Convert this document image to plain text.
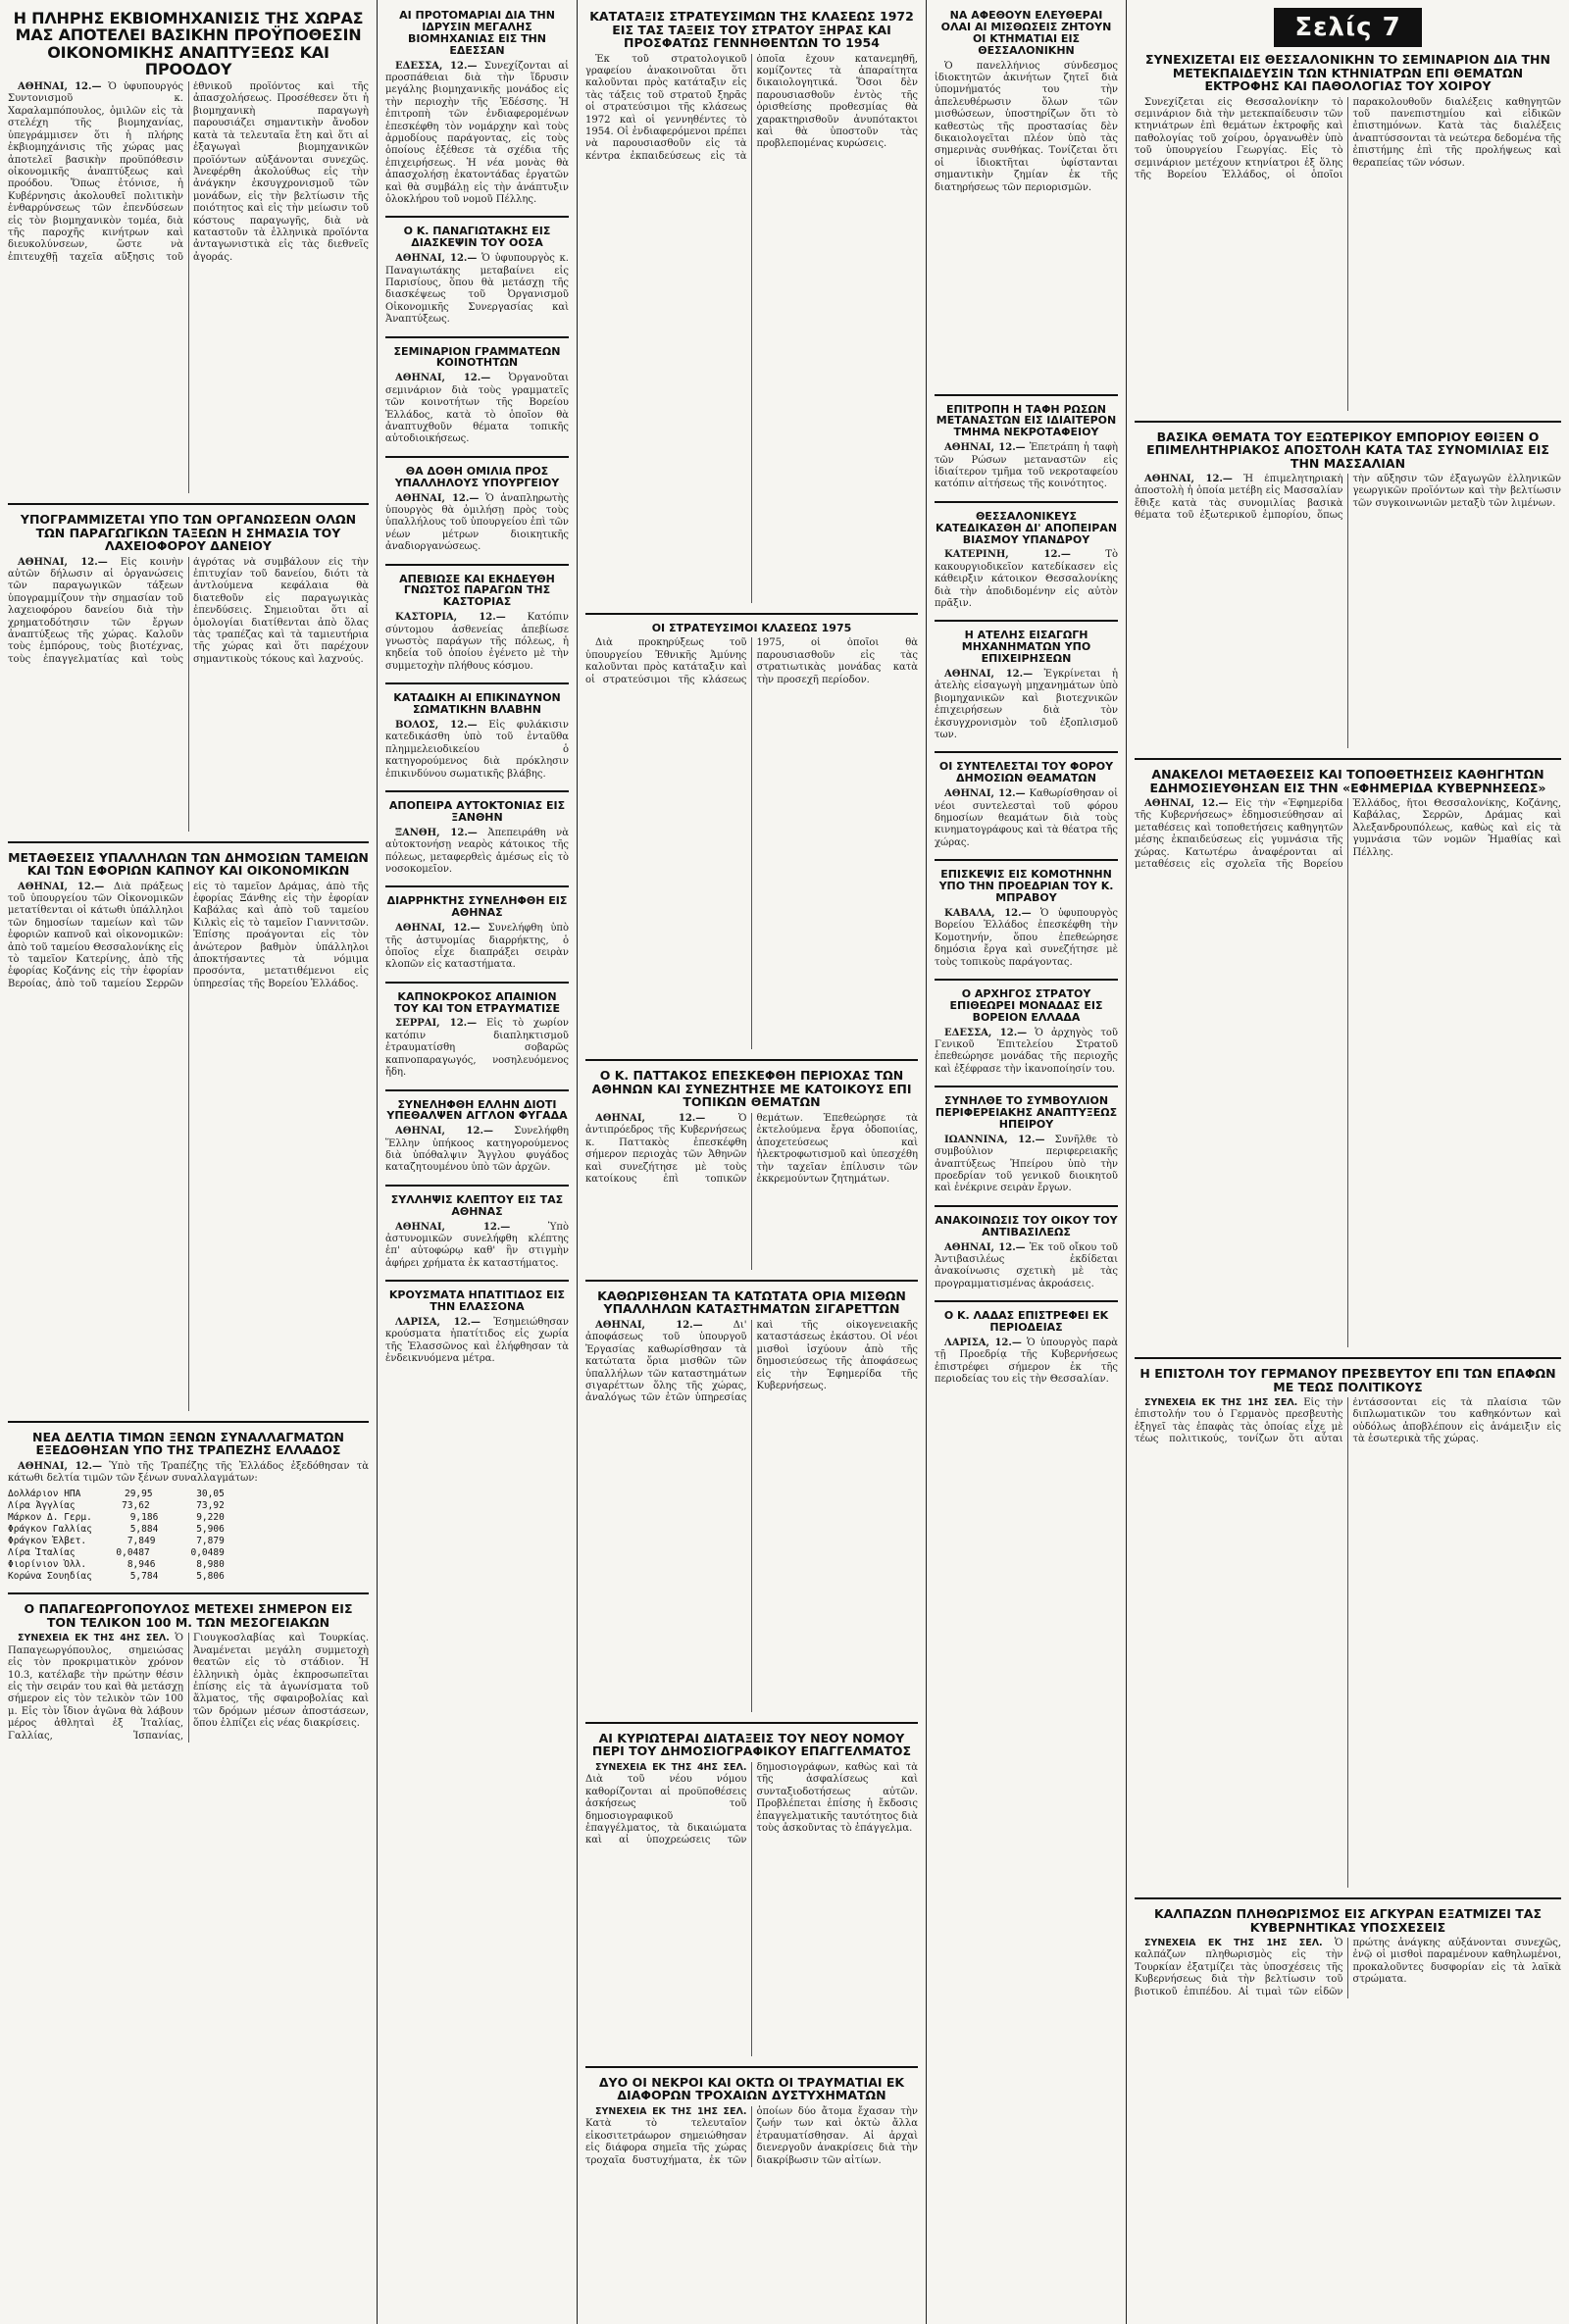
Η ΠΛΗΡΗΣ ΕΚΒΙΟΜΗΧΑΝΙΣΙΣ ΤΗΣ ΧΩΡΑΣ ΜΑΣ ΑΠΟΤΕΛΕΙ ΒΑΣΙΚΗΝ ΠΡΟΫΠΟΘΕΣΙΝ ΟΙΚΟΝΟΜΙΚΗΣ ΑΝΑΠΤΥΞΕΩΣ ΚΑΙ ΠΡΟΟΔΟΥ

ΑΘΗΝΑΙ, 12.— Ὁ ὑφυπουργός Συντονισμοῦ κ. Χαραλαμπόπουλος, ὁμιλῶν εἰς τὰ στελέχη τῆς βιομηχανίας, ὑπεγράμμισεν ὅτι ἡ πλήρης ἐκβιομηχάνισις τῆς χώρας μας ἀποτελεῖ βασικὴν προϋπόθεσιν οἰκονομικῆς ἀναπτύξεως καὶ προόδου. Ὅπως ἐτόνισε, ἡ Κυβέρνησις ἀκολουθεῖ πολιτικὴν ἐνθαρρύνσεως τῶν ἐπενδύσεων εἰς τὸν βιομηχανικὸν τομέα, διὰ τῆς παροχῆς κινήτρων καὶ διευκολύνσεων, ὥστε νὰ ἐπιτευχθῇ ταχεῖα αὔξησις τοῦ ἐθνικοῦ προϊόντος καὶ τῆς ἀπασχολήσεως. Προσέθεσεν ὅτι ἡ βιομηχανικὴ παραγωγὴ παρουσιάζει σημαντικὴν ἄνοδον κατὰ τὰ τελευταῖα ἔτη καὶ ὅτι αἱ ἐξαγωγαὶ βιομηχανικῶν προϊόντων αὐξάνονται συνεχῶς. Ἀνεφέρθη ἀκολούθως εἰς τὴν ἀνάγκην ἐκσυγχρονισμοῦ τῶν μονάδων, εἰς τὴν βελτίωσιν τῆς ποιότητος καὶ εἰς τὴν μείωσιν τοῦ κόστους παραγωγῆς, διὰ νὰ καταστοῦν τὰ ἑλληνικὰ προϊόντα ἀνταγωνιστικὰ εἰς τὰς διεθνεῖς ἀγοράς.

ΥΠΟΓΡΑΜΜΙΖΕΤΑΙ ΥΠΟ ΤΩΝ ΟΡΓΑΝΩΣΕΩΝ ΟΛΩΝ ΤΩΝ ΠΑΡΑΓΩΓΙΚΩΝ ΤΑΞΕΩΝ Η ΣΗΜΑΣΙΑ ΤΟΥ ΛΑΧΕΙΟΦΟΡΟΥ ΔΑΝΕΙΟΥ

ΑΘΗΝΑΙ, 12.— Εἰς κοινὴν αὐτῶν δήλωσιν αἱ ὀργανώσεις τῶν παραγωγικῶν τάξεων ὑπογραμμίζουν τὴν σημασίαν τοῦ λαχειοφόρου δανείου διὰ τὴν χρηματοδότησιν τῶν ἔργων ἀναπτύξεως τῆς χώρας. Καλοῦν τοὺς ἐμπόρους, τοὺς βιοτέχνας, τοὺς ἐπαγγελματίας καὶ τοὺς ἀγρότας νὰ συμβάλουν εἰς τὴν ἐπιτυχίαν τοῦ δανείου, διότι τὰ ἀντλούμενα κεφάλαια θὰ διατεθοῦν εἰς παραγωγικὰς ἐπενδύσεις. Σημειοῦται ὅτι αἱ ὁμολογίαι διατίθενται ἀπὸ ὅλας τὰς τραπέζας καὶ τὰ ταμιευτήρια τῆς χώρας καὶ ὅτι παρέχουν σημαντικοὺς τόκους καὶ λαχνούς.

ΜΕΤΑΘΕΣΕΙΣ ΥΠΑΛΛΗΛΩΝ ΤΩΝ ΔΗΜΟΣΙΩΝ ΤΑΜΕΙΩΝ ΚΑΙ ΤΩΝ ΕΦΟΡΙΩΝ ΚΑΠΝΟΥ ΚΑΙ ΟΙΚΟΝΟΜΙΚΩΝ

ΑΘΗΝΑΙ, 12.— Διὰ πράξεως τοῦ ὑπουργείου τῶν Οἰκονομικῶν μετατίθενται οἱ κάτωθι ὑπάλληλοι τῶν δημοσίων ταμείων καὶ τῶν ἐφοριῶν καπνοῦ καὶ οἰκονομικῶν: ἀπὸ τοῦ ταμείου Θεσσαλονίκης εἰς τὸ ταμεῖον Κατερίνης, ἀπὸ τῆς ἐφορίας Κοζάνης εἰς τὴν ἐφορίαν Βεροίας, ἀπὸ τοῦ ταμείου Σερρῶν εἰς τὸ ταμεῖον Δράμας, ἀπὸ τῆς ἐφορίας Ξάνθης εἰς τὴν ἐφορίαν Καβάλας καὶ ἀπὸ τοῦ ταμείου Κιλκὶς εἰς τὸ ταμεῖον Γιαννιτσῶν. Ἐπίσης προάγονται εἰς τὸν ἀνώτερον βαθμὸν ὑπάλληλοι ἀποκτήσαντες τὰ νόμιμα προσόντα, μετατιθέμενοι εἰς ὑπηρεσίας τῆς Βορείου Ἑλλάδος.

ΝΕΑ ΔΕΛΤΙΑ ΤΙΜΩΝ ΞΕΝΩΝ ΣΥΝΑΛΛΑΓΜΑΤΩΝ ΕΞΕΔΟΘΗΣΑΝ ΥΠΟ ΤΗΣ ΤΡΑΠΕΖΗΣ ΕΛΛΑΔΟΣ

ΑΘΗΝΑΙ, 12.— Ὑπὸ τῆς Τραπέζης τῆς Ἑλλάδος ἐξεδόθησαν τὰ κάτωθι δελτία τιμῶν τῶν ξένων συναλλαγμάτων:

Δολλάριον ΗΠΑ	29,95	30,05
Λίρα Ἀγγλίας	73,62	73,92
Μάρκον Δ. Γερμ.	9,186	9,220
Φράγκον Γαλλίας	5,884	5,906
Φράγκον Ἑλβετ.	7,849	7,879
Λίρα Ἰταλίας	0,0487	0,0489
Φιορίνιον Ὁλλ.	8,946	8,980
Κορώνα Σουηδίας	5,784	5,806
Ο ΠΑΠΑΓΕΩΡΓΟΠΟΥΛΟΣ ΜΕΤΕΧΕΙ ΣΗΜΕΡΟΝ ΕΙΣ ΤΟΝ ΤΕΛΙΚΟΝ 100 Μ. ΤΩΝ ΜΕΣΟΓΕΙΑΚΩΝ

ΣΥΝΕΧΕΙΑ ΕΚ ΤΗΣ 4ΗΣ ΣΕΛ. Ὁ Παπαγεωργόπουλος, σημειώσας εἰς τὸν προκριματικὸν χρόνον 10.3, κατέλαβε τὴν πρώτην θέσιν εἰς τὴν σειράν του καὶ θὰ μετάσχῃ σήμερον εἰς τὸν τελικὸν τῶν 100 μ. Εἰς τὸν ἴδιον ἀγῶνα θὰ λάβουν μέρος ἀθληταὶ ἐξ Ἰταλίας, Γαλλίας, Ἱσπανίας, Γιουγκοσλαβίας καὶ Τουρκίας. Ἀναμένεται μεγάλη συμμετοχὴ θεατῶν εἰς τὸ στάδιον. Ἡ ἑλληνικὴ ὁμὰς ἐκπροσωπεῖται ἐπίσης εἰς τὰ ἀγωνίσματα τοῦ ἅλματος, τῆς σφαιροβολίας καὶ τῶν δρόμων μέσων ἀποστάσεων, ὅπου ἐλπίζει εἰς νέας διακρίσεις.

ΑΙ ΠΡΟΤΟΜΑΡΙΑΙ ΔΙΑ ΤΗΝ ΙΔΡΥΣΙΝ ΜΕΓΑΛΗΣ ΒΙΟΜΗΧΑΝΙΑΣ ΕΙΣ ΤΗΝ ΕΔΕΣΣΑΝ

ΕΔΕΣΣΑ, 12.— Συνεχίζονται αἱ προσπάθειαι διὰ τὴν ἵδρυσιν μεγάλης βιομηχανικῆς μονάδος εἰς τὴν περιοχὴν τῆς Ἐδέσσης. Ἡ ἐπιτροπὴ τῶν ἐνδιαφερομένων ἐπεσκέφθη τὸν νομάρχην καὶ τοὺς ἁρμοδίους παράγοντας, εἰς τοὺς ὁποίους ἐξέθεσε τὰ σχέδια τῆς ἐπιχειρήσεως. Ἡ νέα μονὰς θὰ ἀπασχολήσῃ ἑκατοντάδας ἐργατῶν καὶ θὰ συμβάλῃ εἰς τὴν ἀνάπτυξιν ὁλοκλήρου τοῦ νομοῦ Πέλλης.

Ο Κ. ΠΑΝΑΓΙΩΤΑΚΗΣ ΕΙΣ ΔΙΑΣΚΕΨΙΝ ΤΟΥ ΟΟΣΑ

ΑΘΗΝΑΙ, 12.— Ὁ ὑφυπουργὸς κ. Παναγιωτάκης μεταβαίνει εἰς Παρισίους, ὅπου θὰ μετάσχῃ τῆς διασκέψεως τοῦ Ὀργανισμοῦ Οἰκονομικῆς Συνεργασίας καὶ Ἀναπτύξεως.

ΣΕΜΙΝΑΡΙΟΝ ΓΡΑΜΜΑΤΕΩΝ ΚΟΙΝΟΤΗΤΩΝ

ΑΘΗΝΑΙ, 12.— Ὀργανοῦται σεμινάριον διὰ τοὺς γραμματεῖς τῶν κοινοτήτων τῆς Βορείου Ἑλλάδος, κατὰ τὸ ὁποῖον θὰ ἀναπτυχθοῦν θέματα τοπικῆς αὐτοδιοικήσεως.

ΘΑ ΔΟΘΗ ΟΜΙΛΙΑ ΠΡΟΣ ΥΠΑΛΛΗΛΟΥΣ ΥΠΟΥΡΓΕΙΟΥ

ΑΘΗΝΑΙ, 12.— Ὁ ἀναπληρωτὴς ὑπουργὸς θὰ ὁμιλήσῃ πρὸς τοὺς ὑπαλλήλους τοῦ ὑπουργείου ἐπὶ τῶν νέων μέτρων διοικητικῆς ἀναδιοργανώσεως.

ΑΠΕΒΙΩΣΕ ΚΑΙ ΕΚΗΔΕΥΘΗ ΓΝΩΣΤΟΣ ΠΑΡΑΓΩΝ ΤΗΣ ΚΑΣΤΟΡΙΑΣ

ΚΑΣΤΟΡΙΑ, 12.— Κατόπιν σύντομου ἀσθενείας ἀπεβίωσε γνωστὸς παράγων τῆς πόλεως, ἡ κηδεία τοῦ ὁποίου ἐγένετο μὲ τὴν συμμετοχὴν πλήθους κόσμου.

ΚΑΤΑΔΙΚΗ ΑΙ ΕΠΙΚΙΝΔΥΝΟΝ ΣΩΜΑΤΙΚΗΝ ΒΛΑΒΗΝ

ΒΟΛΟΣ, 12.— Εἰς φυλάκισιν κατεδικάσθη ὑπὸ τοῦ ἐνταῦθα πλημμελειοδικείου ὁ κατηγορούμενος διὰ πρόκλησιν ἐπικινδύνου σωματικῆς βλάβης.

ΑΠΟΠΕΙΡΑ ΑΥΤΟΚΤΟΝΙΑΣ ΕΙΣ ΞΑΝΘΗΝ

ΞΑΝΘΗ, 12.— Ἀπεπειράθη νὰ αὐτοκτονήσῃ νεαρὸς κάτοικος τῆς πόλεως, μεταφερθεὶς ἀμέσως εἰς τὸ νοσοκομεῖον.

ΔΙΑΡΡΗΚΤΗΣ ΣΥΝΕΛΗΦΘΗ ΕΙΣ ΑΘΗΝΑΣ

ΑΘΗΝΑΙ, 12.— Συνελήφθη ὑπὸ τῆς ἀστυνομίας διαρρήκτης, ὁ ὁποῖος εἶχε διαπράξει σειρὰν κλοπῶν εἰς καταστήματα.

ΚΑΠΝΟΚΡΟΚΟΣ ΑΠΑΙΝΙΟΝ ΤΟΥ ΚΑΙ ΤΟΝ ΕΤΡΑΥΜΑΤΙΣΕ

ΣΕΡΡΑΙ, 12.— Εἰς τὸ χωρίον κατόπιν διαπληκτισμοῦ ἐτραυματίσθη σοβαρῶς καπνοπαραγωγός, νοσηλευόμενος ἤδη.

ΣΥΝΕΛΗΦΘΗ ΕΛΛΗΝ ΔΙΟΤΙ ΥΠΕΘΑΛΨΕΝ ΑΓΓΛΟΝ ΦΥΓΑΔΑ

ΑΘΗΝΑΙ, 12.— Συνελήφθη Ἕλλην ὑπήκοος κατηγορούμενος διὰ ὑπόθαλψιν Ἄγγλου φυγάδος καταζητουμένου ὑπὸ τῶν ἀρχῶν.

ΣΥΛΛΗΨΙΣ ΚΛΕΠΤΟΥ ΕΙΣ ΤΑΣ ΑΘΗΝΑΣ

ΑΘΗΝΑΙ, 12.—	Ὑπὸ ἀστυνομικῶν συνελήφθη κλέπτης ἐπ' αὐτοφώρῳ καθ' ἣν στιγμὴν ἀφήρει χρήματα ἐκ καταστήματος.

ΚΡΟΥΣΜΑΤΑ ΗΠΑΤΙΤΙΔΟΣ ΕΙΣ ΤΗΝ ΕΛΑΣΣΟΝΑ

ΛΑΡΙΣΑ, 12.— Ἐσημειώθησαν κρούσματα ἡπατίτιδος εἰς χωρία τῆς Ἐλασσῶνος καὶ ἐλήφθησαν τὰ ἐνδεικνυόμενα μέτρα.

ΚΑΤΑΤΑΞΙΣ ΣΤΡΑΤΕΥΣΙΜΩΝ ΤΗΣ ΚΛΑΣΕΩΣ 1972 ΕΙΣ ΤΑΣ ΤΑΞΕΙΣ ΤΟΥ ΣΤΡΑΤΟΥ ΞΗΡΑΣ ΚΑΙ ΠΡΟΣΦΑΤΩΣ ΓΕΝΝΗΘΕΝΤΩΝ ΤΟ 1954

Ἐκ τοῦ στρατολογικοῦ γραφείου ἀνακοινοῦται ὅτι καλοῦνται πρὸς κατάταξιν εἰς τὰς τάξεις τοῦ στρατοῦ ξηρᾶς οἱ στρατεύσιμοι τῆς κλάσεως 1972 καὶ οἱ γεννηθέντες τὸ 1954. Οἱ ἐνδιαφερόμενοι πρέπει νὰ παρουσιασθοῦν εἰς τὰ κέντρα ἐκπαιδεύσεως εἰς τὰ ὁποῖα ἔχουν κατανεμηθῆ, κομίζοντες τὰ ἀπαραίτητα δικαιολογητικά. Ὅσοι δὲν παρουσιασθοῦν ἐντὸς τῆς ὁρισθείσης προθεσμίας θὰ χαρακτηρισθοῦν ἀνυπότακτοι καὶ θὰ ὑποστοῦν τὰς προβλεπομένας κυρώσεις.

ΟΙ ΣΤΡΑΤΕΥΣΙΜΟΙ ΚΛΑΣΕΩΣ 1975

Διὰ προκηρύξεως τοῦ ὑπουργείου Ἐθνικῆς Ἀμύνης καλοῦνται πρὸς κατάταξιν καὶ οἱ στρατεύσιμοι τῆς κλάσεως 1975, οἱ ὁποῖοι θὰ παρουσιασθοῦν εἰς τὰς στρατιωτικὰς μονάδας κατὰ τὴν προσεχῆ περίοδον.

Ο Κ. ΠΑΤΤΑΚΟΣ ΕΠΕΣΚΕΦΘΗ ΠΕΡΙΟΧΑΣ ΤΩΝ ΑΘΗΝΩΝ ΚΑΙ ΣΥΝΕΖΗΤΗΣΕ ΜΕ ΚΑΤΟΙΚΟΥΣ ΕΠΙ ΤΟΠΙΚΩΝ ΘΕΜΑΤΩΝ

ΑΘΗΝΑΙ, 12.—	Ὁ ἀντιπρόεδρος τῆς Κυβερνήσεως κ. Παττακὸς ἐπεσκέφθη σήμερον περιοχὰς τῶν Ἀθηνῶν καὶ συνεζήτησε μὲ τοὺς κατοίκους ἐπὶ τοπικῶν θεμάτων. Ἐπεθεώρησε τὰ ἐκτελούμενα ἔργα ὁδοποιίας, ἀποχετεύσεως καὶ ἡλεκτροφωτισμοῦ καὶ ὑπεσχέθη τὴν ταχεῖαν ἐπίλυσιν τῶν ἐκκρεμούντων ζητημάτων.

ΚΑΘΩΡΙΣΘΗΣΑΝ ΤΑ ΚΑΤΩΤΑΤΑ ΟΡΙΑ ΜΙΣΘΩΝ ΥΠΑΛΛΗΛΩΝ ΚΑΤΑΣΤΗΜΑΤΩΝ ΣΙΓΑΡΕΤΤΩΝ

ΑΘΗΝΑΙ, 12.—	Δι' ἀποφάσεως τοῦ ὑπουργοῦ Ἐργασίας καθωρίσθησαν τὰ κατώτατα ὅρια μισθῶν τῶν ὑπαλλήλων τῶν καταστημάτων σιγαρέττων ὅλης τῆς χώρας, ἀναλόγως τῶν ἐτῶν ὑπηρεσίας καὶ τῆς οἰκογενειακῆς καταστάσεως ἑκάστου. Οἱ νέοι μισθοὶ ἰσχύουν ἀπὸ τῆς δημοσιεύσεως τῆς ἀποφάσεως εἰς τὴν Ἐφημερίδα τῆς Κυβερνήσεως.

ΑΙ ΚΥΡΙΩΤΕΡΑΙ ΔΙΑΤΑΞΕΙΣ ΤΟΥ ΝΕΟΥ ΝΟΜΟΥ ΠΕΡΙ ΤΟΥ ΔΗΜΟΣΙΟΓΡΑΦΙΚΟΥ ΕΠΑΓΓΕΛΜΑΤΟΣ

ΣΥΝΕΧΕΙΑ ΕΚ ΤΗΣ 4ΗΣ ΣΕΛ. Διὰ τοῦ νέου νόμου καθορίζονται αἱ προϋποθέσεις ἀσκήσεως τοῦ δημοσιογραφικοῦ ἐπαγγέλματος, τὰ δικαιώματα καὶ αἱ ὑποχρεώσεις τῶν δημοσιογράφων, καθὼς καὶ τὰ τῆς ἀσφαλίσεως καὶ συνταξιοδοτήσεως αὐτῶν. Προβλέπεται ἐπίσης ἡ ἔκδοσις ἐπαγγελματικῆς ταυτότητος διὰ τοὺς ἀσκοῦντας τὸ ἐπάγγελμα.

ΔΥΟ ΟΙ ΝΕΚΡΟΙ ΚΑΙ ΟΚΤΩ ΟΙ ΤΡΑΥΜΑΤΙΑΙ ΕΚ ΔΙΑΦΟΡΩΝ ΤΡΟΧΑΙΩΝ ΔΥΣΤΥΧΗΜΑΤΩΝ

ΣΥΝΕΧΕΙΑ ΕΚ ΤΗΣ 1ΗΣ ΣΕΛ. Κατὰ τὸ τελευταῖον εἰκοσιτετράωρον σημειώθησαν εἰς διάφορα σημεῖα τῆς χώρας τροχαῖα δυστυχήματα, ἐκ τῶν ὁποίων δύο ἄτομα ἔχασαν τὴν ζωήν των καὶ ὀκτὼ ἄλλα ἐτραυματίσθησαν. Αἱ ἀρχαὶ διενεργοῦν ἀνακρίσεις διὰ τὴν διακρίβωσιν τῶν αἰτίων.

ΝΑ ΑΦΕΘΟΥΝ ΕΛΕΥΘΕΡΑΙ ΟΛΑΙ ΑΙ ΜΙΣΘΩΣΕΙΣ ΖΗΤΟΥΝ ΟΙ ΚΤΗΜΑΤΙΑΙ ΕΙΣ ΘΕΣΣΑΛΟΝΙΚΗΝ

Ὁ πανελλήνιος σύνδεσμος ἰδιοκτητῶν ἀκινήτων ζητεῖ διὰ ὑπομνήματός του τὴν ἀπελευθέρωσιν ὅλων τῶν μισθώσεων, ὑποστηρίζων ὅτι τὸ καθεστὼς τῆς προστασίας δὲν δικαιολογεῖται πλέον ὑπὸ τὰς σημερινὰς συνθήκας. Τονίζεται ὅτι οἱ ἰδιοκτῆται ὑφίστανται σημαντικὴν ζημίαν ἐκ τῆς διατηρήσεως τῶν περιορισμῶν.

ΕΠΙΤΡΟΠΗ Η ΤΑΦΗ ΡΩΣΩΝ ΜΕΤΑΝΑΣΤΩΝ ΕΙΣ ΙΔΙΑΙΤΕΡΟΝ ΤΜΗΜΑ ΝΕΚΡΟΤΑΦΕΙΟΥ

ΑΘΗΝΑΙ, 12.— Ἐπετράπη ἡ ταφὴ τῶν Ρώσων μεταναστῶν εἰς ἰδιαίτερον τμῆμα τοῦ νεκροταφείου κατόπιν αἰτήσεως τῆς κοινότητος.

ΘΕΣΣΑΛΟΝΙΚΕΥΣ ΚΑΤΕΔΙΚΑΣΘΗ ΔΙ' ΑΠΟΠΕΙΡΑΝ ΒΙΑΣΜΟΥ ΥΠΑΝΔΡΟΥ

ΚΑΤΕΡΙΝΗ, 12.—	Τὸ κακουργιοδικεῖον κατεδίκασεν εἰς κάθειρξιν κάτοικον Θεσσαλονίκης διὰ τὴν ἀποδιδομένην εἰς αὐτὸν πρᾶξιν.

Η ΑΤΕΛΗΣ ΕΙΣΑΓΩΓΗ ΜΗΧΑΝΗΜΑΤΩΝ ΥΠΟ ΕΠΙΧΕΙΡΗΣΕΩΝ

ΑΘΗΝΑΙ, 12.— Ἐγκρίνεται ἡ ἀτελὴς εἰσαγωγὴ μηχανημάτων ὑπὸ βιομηχανικῶν καὶ βιοτεχνικῶν ἐπιχειρήσεων διὰ τὸν ἐκσυγχρονισμὸν τοῦ ἐξοπλισμοῦ των.

ΟΙ ΣΥΝΤΕΛΕΣΤΑΙ ΤΟΥ ΦΟΡΟΥ ΔΗΜΟΣΙΩΝ ΘΕΑΜΑΤΩΝ

ΑΘΗΝΑΙ, 12.— Καθωρίσθησαν οἱ νέοι συντελεσταὶ τοῦ φόρου δημοσίων θεαμάτων διὰ τοὺς κινηματογράφους καὶ τὰ θέατρα τῆς χώρας.

ΕΠΙΣΚΕΨΙΣ ΕΙΣ ΚΟΜΟΤΗΝΗΝ ΥΠΟ ΤΗΝ ΠΡΟΕΔΡΙΑΝ ΤΟΥ Κ. ΜΠΡΑΒΟΥ

ΚΑΒΑΛΑ, 12.— Ὁ ὑφυπουργὸς Βορείου Ἑλλάδος ἐπεσκέφθη τὴν Κομοτηνήν, ὅπου ἐπεθεώρησε δημόσια ἔργα καὶ συνεζήτησε μὲ τοὺς τοπικοὺς παράγοντας.

Ο ΑΡΧΗΓΟΣ ΣΤΡΑΤΟΥ ΕΠΙΘΕΩΡΕΙ ΜΟΝΑΔΑΣ ΕΙΣ ΒΟΡΕΙΟΝ ΕΛΛΑΔΑ

ΕΔΕΣΣΑ, 12.— Ὁ ἀρχηγὸς τοῦ Γενικοῦ Ἐπιτελείου Στρατοῦ ἐπεθεώρησε μονάδας τῆς περιοχῆς καὶ ἐξέφρασε τὴν ἱκανοποίησίν του.

ΣΥΝΗΛΘΕ ΤΟ ΣΥΜΒΟΥΛΙΟΝ ΠΕΡΙΦΕΡΕΙΑΚΗΣ ΑΝΑΠΤΥΞΕΩΣ ΗΠΕΙΡΟΥ

ΙΩΑΝΝΙΝΑ, 12.— Συνῆλθε τὸ συμβούλιον περιφερειακῆς ἀναπτύξεως Ἠπείρου ὑπὸ τὴν προεδρίαν τοῦ γενικοῦ διοικητοῦ καὶ ἐνέκρινε σειρὰν ἔργων.

ΑΝΑΚΟΙΝΩΣΙΣ ΤΟΥ ΟΙΚΟΥ ΤΟΥ ΑΝΤΙΒΑΣΙΛΕΩΣ

ΑΘΗΝΑΙ, 12.— Ἐκ τοῦ οἴκου τοῦ Ἀντιβασιλέως ἐκδίδεται ἀνακοίνωσις σχετικὴ μὲ τὰς προγραμματισμένας ἀκροάσεις.

Ο Κ. ΛΑΔΑΣ ΕΠΙΣΤΡΕΦΕΙ ΕΚ ΠΕΡΙΟΔΕΙΑΣ

ΛΑΡΙΣΑ, 12.— Ὁ ὑπουργὸς παρὰ τῇ Προεδρίᾳ τῆς Κυβερνήσεως ἐπιστρέφει σήμερον ἐκ τῆς περιοδείας του εἰς τὴν Θεσσαλίαν.

Σελίς 7
ΣΥΝΕΧΙΖΕΤΑΙ ΕΙΣ ΘΕΣΣΑΛΟΝΙΚΗΝ ΤΟ ΣΕΜΙΝΑΡΙΟΝ ΔΙΑ ΤΗΝ ΜΕΤΕΚΠΑΙΔΕΥΣΙΝ ΤΩΝ ΚΤΗΝΙΑΤΡΩΝ ΕΠΙ ΘΕΜΑΤΩΝ ΕΚΤΡΟΦΗΣ ΚΑΙ ΠΑΘΟΛΟΓΙΑΣ ΤΟΥ ΧΟΙΡΟΥ

Συνεχίζεται εἰς Θεσσαλονίκην τὸ σεμινάριον διὰ τὴν μετεκπαίδευσιν τῶν κτηνιάτρων ἐπὶ θεμάτων ἐκτροφῆς καὶ παθολογίας τοῦ χοίρου, ὀργανωθὲν ὑπὸ τοῦ ὑπουργείου Γεωργίας. Εἰς τὸ σεμινάριον μετέχουν κτηνίατροι ἐξ ὅλης τῆς Βορείου Ἑλλάδος, οἱ ὁποῖοι παρακολουθοῦν διαλέξεις καθηγητῶν τοῦ πανεπιστημίου καὶ εἰδικῶν ἐπιστημόνων. Κατὰ τὰς διαλέξεις ἀναπτύσσονται τὰ νεώτερα δεδομένα τῆς ἐπιστήμης ἐπὶ τῆς προλήψεως καὶ θεραπείας τῶν νόσων.

ΒΑΣΙΚΑ ΘΕΜΑΤΑ ΤΟΥ ΕΞΩΤΕΡΙΚΟΥ ΕΜΠΟΡΙΟΥ ΕΘΙΞΕΝ Ο ΕΠΙΜΕΛΗΤΗΡΙΑΚΟΣ ΑΠΟΣΤΟΛΗ ΚΑΤΑ ΤΑΣ ΣΥΝΟΜΙΛΙΑΣ ΕΙΣ ΤΗΝ ΜΑΣΣΑΛΙΑΝ

ΑΘΗΝΑΙ, 12.— Ἡ ἐπιμελητηριακὴ ἀποστολὴ ἡ ὁποία μετέβη εἰς Μασσαλίαν ἔθιξε κατὰ τὰς συνομιλίας βασικὰ θέματα τοῦ ἐξωτερικοῦ ἐμπορίου, ὅπως τὴν αὔξησιν τῶν ἐξαγωγῶν ἑλληνικῶν γεωργικῶν προϊόντων καὶ τὴν βελτίωσιν τῶν συγκοινωνιῶν μεταξὺ τῶν λιμένων.

ΑΝΑΚΕΛΟΙ ΜΕΤΑΘΕΣΕΙΣ ΚΑΙ ΤΟΠΟΘΕΤΗΣΕΙΣ ΚΑΘΗΓΗΤΩΝ ΕΔΗΜΟΣΙΕΥΘΗΣΑΝ ΕΙΣ ΤΗΝ «ΕΦΗΜΕΡΙΔΑ ΚΥΒΕΡΝΗΣΕΩΣ»

ΑΘΗΝΑΙ, 12.— Εἰς τὴν «Ἐφημερίδα τῆς Κυβερνήσεως» ἐδημοσιεύθησαν αἱ μεταθέσεις καὶ τοποθετήσεις καθηγητῶν μέσης ἐκπαιδεύσεως εἰς γυμνάσια τῆς χώρας. Κατωτέρω ἀναφέρονται αἱ μεταθέσεις εἰς σχολεῖα τῆς Βορείου Ἑλλάδος, ἤτοι Θεσσαλονίκης, Κοζάνης, Καβάλας, Σερρῶν, Δράμας καὶ Ἀλεξανδρουπόλεως, καθὼς καὶ εἰς τὰ γυμνάσια τῶν νομῶν Ἠμαθίας καὶ Πέλλης.

Η ΕΠΙΣΤΟΛΗ ΤΟΥ ΓΕΡΜΑΝΟΥ ΠΡΕΣΒΕΥΤΟΥ ΕΠΙ ΤΩΝ ΕΠΑΦΩΝ ΜΕ ΤΕΩΣ ΠΟΛΙΤΙΚΟΥΣ

ΣΥΝΕΧΕΙΑ ΕΚ ΤΗΣ 1ΗΣ ΣΕΛ. Εἰς τὴν ἐπιστολήν του ὁ Γερμανὸς πρεσβευτὴς ἐξηγεῖ τὰς ἐπαφὰς τὰς ὁποίας εἶχε μὲ τέως πολιτικούς, τονίζων ὅτι αὗται ἐντάσσονται εἰς τὰ πλαίσια τῶν διπλωματικῶν του καθηκόντων καὶ οὐδόλως ἀποβλέπουν εἰς ἀνάμειξιν εἰς τὰ ἐσωτερικὰ τῆς χώρας.

ΚΑΛΠΑΖΩΝ ΠΛΗΘΩΡΙΣΜΟΣ ΕΙΣ ΑΓΚΥΡΑΝ ΕΞΑΤΜΙΖΕΙ ΤΑΣ ΚΥΒΕΡΝΗΤΙΚΑΣ ΥΠΟΣΧΕΣΕΙΣ

ΣΥΝΕΧΕΙΑ ΕΚ ΤΗΣ 1ΗΣ ΣΕΛ. Ὁ καλπάζων πληθωρισμὸς εἰς τὴν Τουρκίαν ἐξατμίζει τὰς ὑποσχέσεις τῆς Κυβερνήσεως διὰ τὴν βελτίωσιν τοῦ βιοτικοῦ ἐπιπέδου. Αἱ τιμαὶ τῶν εἰδῶν πρώτης ἀνάγκης αὐξάνονται συνεχῶς, ἐνῷ οἱ μισθοὶ παραμένουν καθηλωμένοι, προκαλοῦντες δυσφορίαν εἰς τὰ λαϊκὰ στρώματα.
